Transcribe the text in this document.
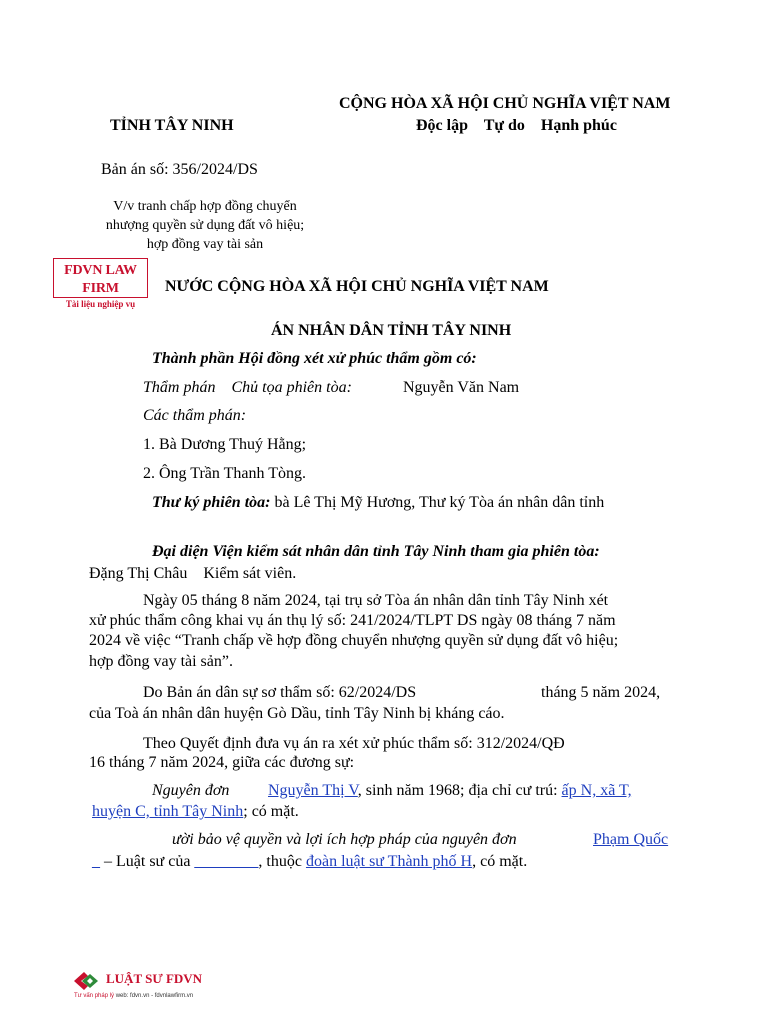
CỘNG HÒA XÃ HỘI CHỦ NGHĨA VIỆT NAM
TỈNH TÂY NINH	Độc lập    Tự do    Hạnh phúc
Bản án số: 356/2024/DS
V/v tranh chấp hợp đồng chuyển
nhượng quyền sử dụng đất vô hiệu;
hợp đồng vay tài sản
FDVN LAW FIRM
Tài liệu nghiệp vụ
NƯỚC CỘNG HÒA XÃ HỘI CHỦ NGHĨA VIỆT NAM
ÁN NHÂN DÂN TỈNH TÂY NINH
Thành phần Hội đồng xét xử phúc thẩm gồm có:
Thẩm phán    Chủ tọa phiên tòa:	Nguyễn Văn Nam
Các thẩm phán:
1. Bà Dương Thuý Hằng;
2. Ông Trần Thanh Tòng.
Thư ký phiên tòa: bà Lê Thị Mỹ Hương, Thư ký Tòa án nhân dân tỉnh
Đại diện Viện kiểm sát nhân dân tỉnh Tây Ninh tham gia phiên tòa:
Đặng Thị Châu    Kiểm sát viên.
Ngày 05 tháng 8 năm 2024, tại trụ sở Tòa án nhân dân tỉnh Tây Ninh xét
xử phúc thẩm công khai vụ án thụ lý số: 241/2024/TLPT DS ngày 08 tháng 7 năm
2024 về việc “Tranh chấp về hợp đồng chuyển nhượng quyền sử dụng đất vô hiệu;
hợp đồng vay tài sản”.
Do Bản án dân sự sơ thẩm số: 62/2024/DS	tháng 5 năm 2024,
của Toà án nhân dân huyện Gò Dầu, tỉnh Tây Ninh bị kháng cáo.
Theo Quyết định đưa vụ án ra xét xử phúc thẩm số: 312/2024/QĐ
16 tháng 7 năm 2024, giữa các đương sự:
Nguyên đơn Nguyễn Thị V, sinh năm 1968; địa chỉ cư trú: ấp N, xã T,
huyện C, tỉnh Tây Ninh; có mặt.
ười bảo vệ quyền và lợi ích hợp pháp của nguyên đơn	Phạm Quốc
_ – Luật sư của ________, thuộc đoàn luật sư Thành phố H, có mặt.
LUẬT SƯ FDVN
Tư vấn pháp lý web: fdvn.vn - fdvnlawfirm.vn
